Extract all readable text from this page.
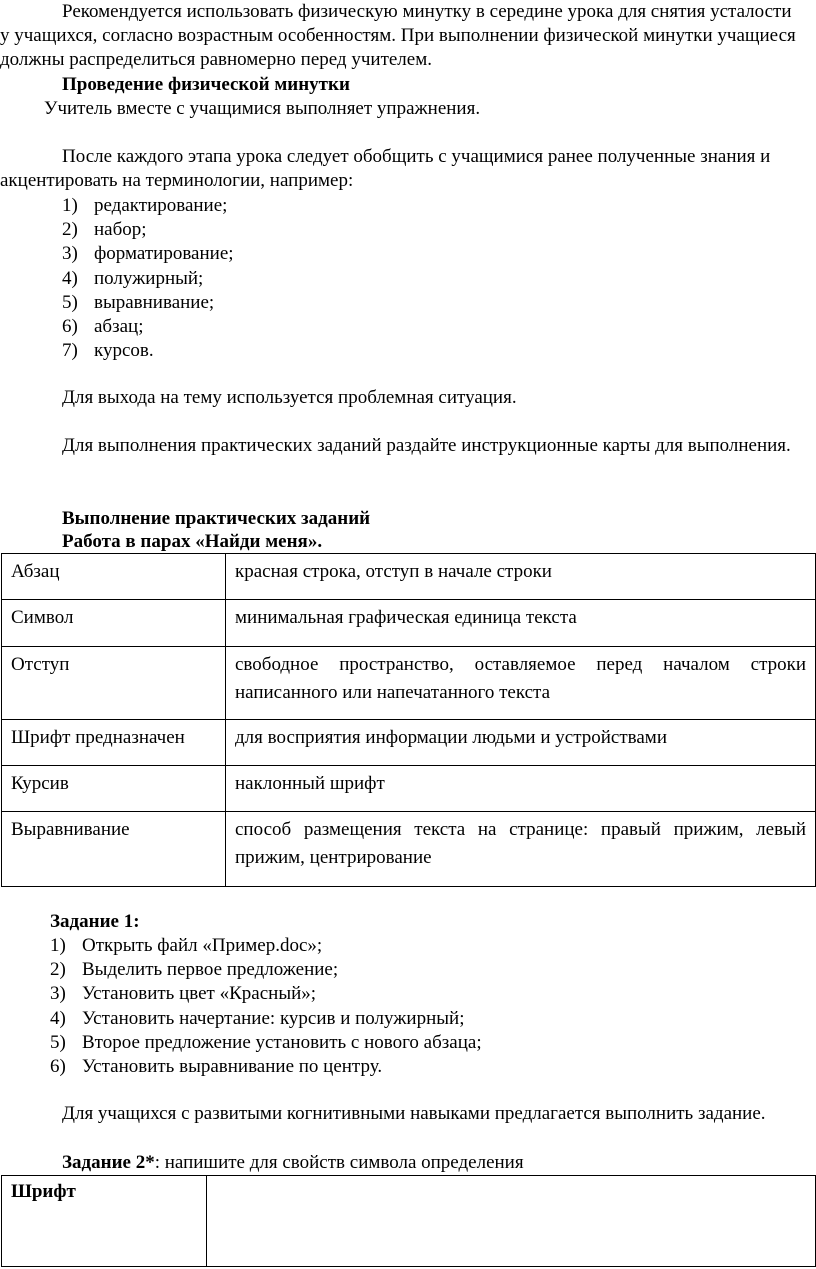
Рекомендуется использовать физическую минутку в середине урока для снятия усталости у учащихся, согласно возрастным особенностям. При выполнении физической минутки учащиеся должны распределиться равномерно перед учителем.

Проведение физической минутки

Учитель вместе с учащимися выполняет упражнения.

После каждого этапа урока следует обобщить с учащимися ранее полученные знания и акцентировать на терминологии, например:

1) редактирование;
2) набор;
3) форматирование;
4) полужирный;
5) выравнивание;
6) абзац;
7) курсов.

Для выхода на тему используется проблемная ситуация.

Для выполнения практических заданий раздайте инструкционные карты для выполнения.

Выполнение практических заданий

Работа в парах «Найди меня».

Абзац	красная строка, отступ в начале строки
Символ	минимальная графическая единица текста
Отступ	свободное пространство, оставляемое перед началом строки написанного или напечатанного текста
Шрифт предназначен	для восприятия информации людьми и устройствами
Курсив	наклонный шрифт
Выравнивание	способ размещения текста на странице: правый прижим, левый прижим, центрирование

Задание 1:

1) Открыть файл «Пример.doc»;
2) Выделить первое предложение;
3) Установить цвет «Красный»;
4) Установить начертание: курсив и полужирный;
5) Второе предложение установить с нового абзаца;
6) Установить выравнивание по центру.

Для учащихся с развитыми когнитивными навыками предлагается выполнить задание.

Задание 2*: напишите для свойств символа определения

Шрифт	
